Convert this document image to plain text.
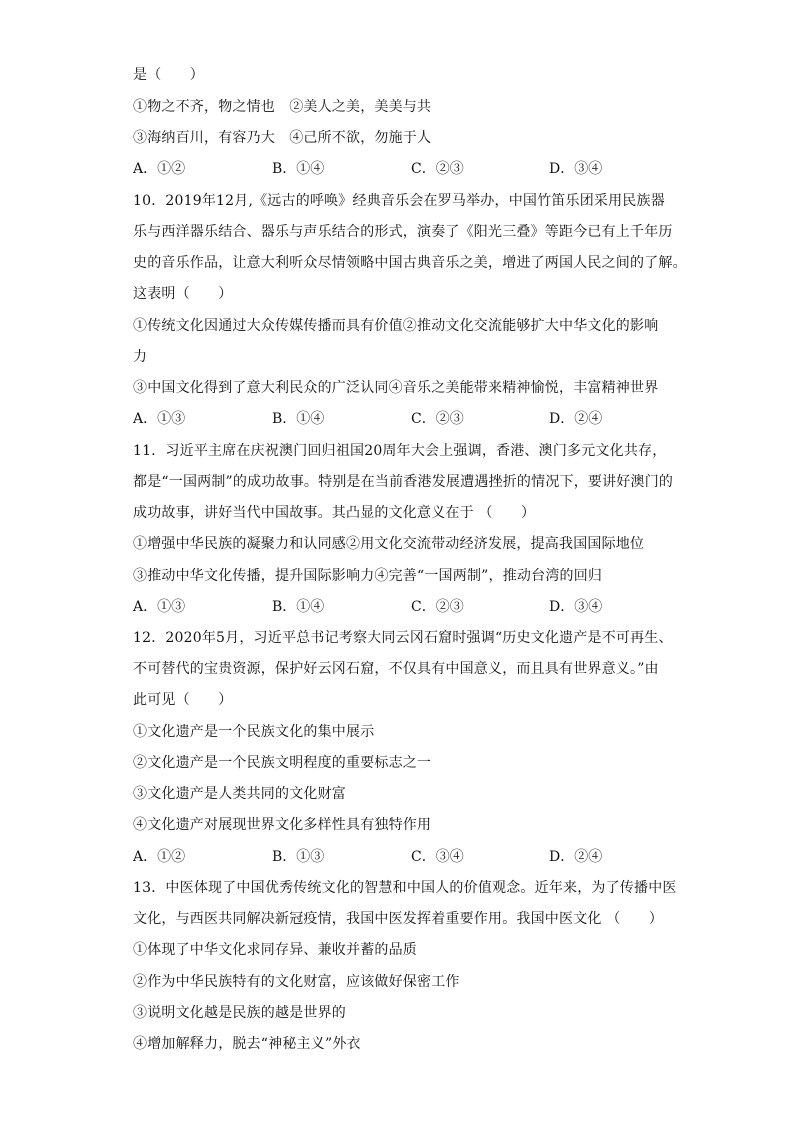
是（　　）
①物之不齐，物之情也　②美人之美，美美与共
③海纳百川，有容乃大　④己所不欲，勿施于人
A．①②	B．①④	C．②③	D．③④
10．2019年12月,《远古的呼唤》经典音乐会在罗马举办，中国竹笛乐团采用民族器
乐与西洋器乐结合、器乐与声乐结合的形式，演奏了《阳光三叠》等距今已有上千年历
史的音乐作品，让意大利听众尽情领略中国古典音乐之美，增进了两国人民之间的了解。
这表明（　　）
①传统文化因通过大众传媒传播而具有价值②推动文化交流能够扩大中华文化的影响
力
③中国文化得到了意大利民众的广泛认同④音乐之美能带来精神愉悦，丰富精神世界
A．①③	B．①④	C．②③	D．②④
11．习近平主席在庆祝澳门回归祖国20周年大会上强调，香港、澳门多元文化共存，
都是“一国两制”的成功故事。特别是在当前香港发展遭遇挫折的情况下，要讲好澳门的
成功故事，讲好当代中国故事。其凸显的文化意义在于 （　　）
①增强中华民族的凝聚力和认同感②用文化交流带动经济发展，提高我国国际地位
③推动中华文化传播，提升国际影响力④完善“一国两制”，推动台湾的回归
A．①③	B．①④	C．②③	D．③④
12．2020年5月，习近平总书记考察大同云冈石窟时强调“历史文化遗产是不可再生、
不可替代的宝贵资源，保护好云冈石窟，不仅具有中国意义，而且具有世界意义。”由
此可见（　　）
①文化遗产是一个民族文化的集中展示
②文化遗产是一个民族文明程度的重要标志之一
③文化遗产是人类共同的文化财富
④文化遗产对展现世界文化多样性具有独特作用
A．①②	B．①③	C．③④	D．②④
13．中医体现了中国优秀传统文化的智慧和中国人的价值观念。近年来，为了传播中医
文化，与西医共同解决新冠疫情，我国中医发挥着重要作用。我国中医文化 （　　）
①体现了中华文化求同存异、兼收并蓄的品质
②作为中华民族特有的文化财富，应该做好保密工作
③说明文化越是民族的越是世界的
④增加解释力，脱去“神秘主义”外衣
